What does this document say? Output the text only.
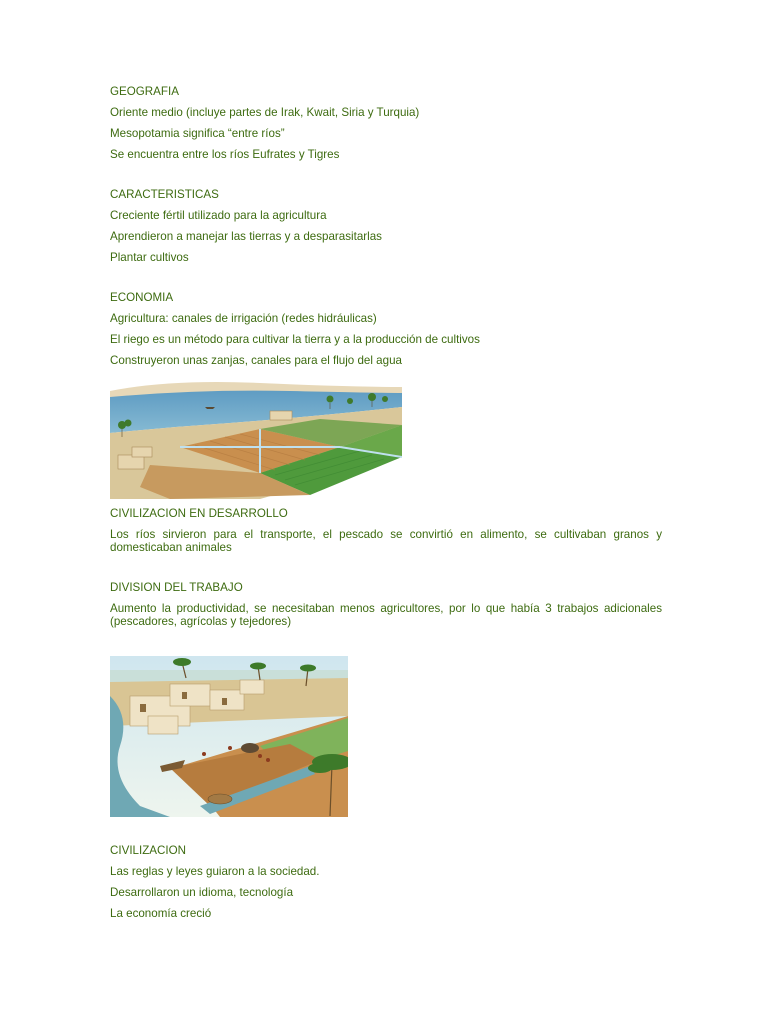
GEOGRAFIA

Oriente medio (incluye partes de Irak, Kwait, Siria y Turquia)

Mesopotamia significa “entre ríos”

Se encuentra entre los ríos Eufrates y Tigres

CARACTERISTICAS

Creciente fértil utilizado para la agricultura

Aprendieron a manejar las tierras y a desparasitarlas

Plantar cultivos

ECONOMIA

Agricultura: canales de irrigación (redes hidráulicas)

El riego es un método para cultivar la tierra y a la producción de cultivos

Construyeron unas zanjas, canales para el flujo del agua

CIVILIZACION EN DESARROLLO

Los ríos sirvieron para el transporte, el pescado se convirtió en alimento, se cultivaban granos y domesticaban animales

DIVISION DEL TRABAJO

Aumento la productividad, se necesitaban menos agricultores, por lo que había 3 trabajos adicionales (pescadores, agrícolas y tejedores)

CIVILIZACION

Las reglas y leyes guiaron a la sociedad.

Desarrollaron un idioma, tecnología

La economía creció
